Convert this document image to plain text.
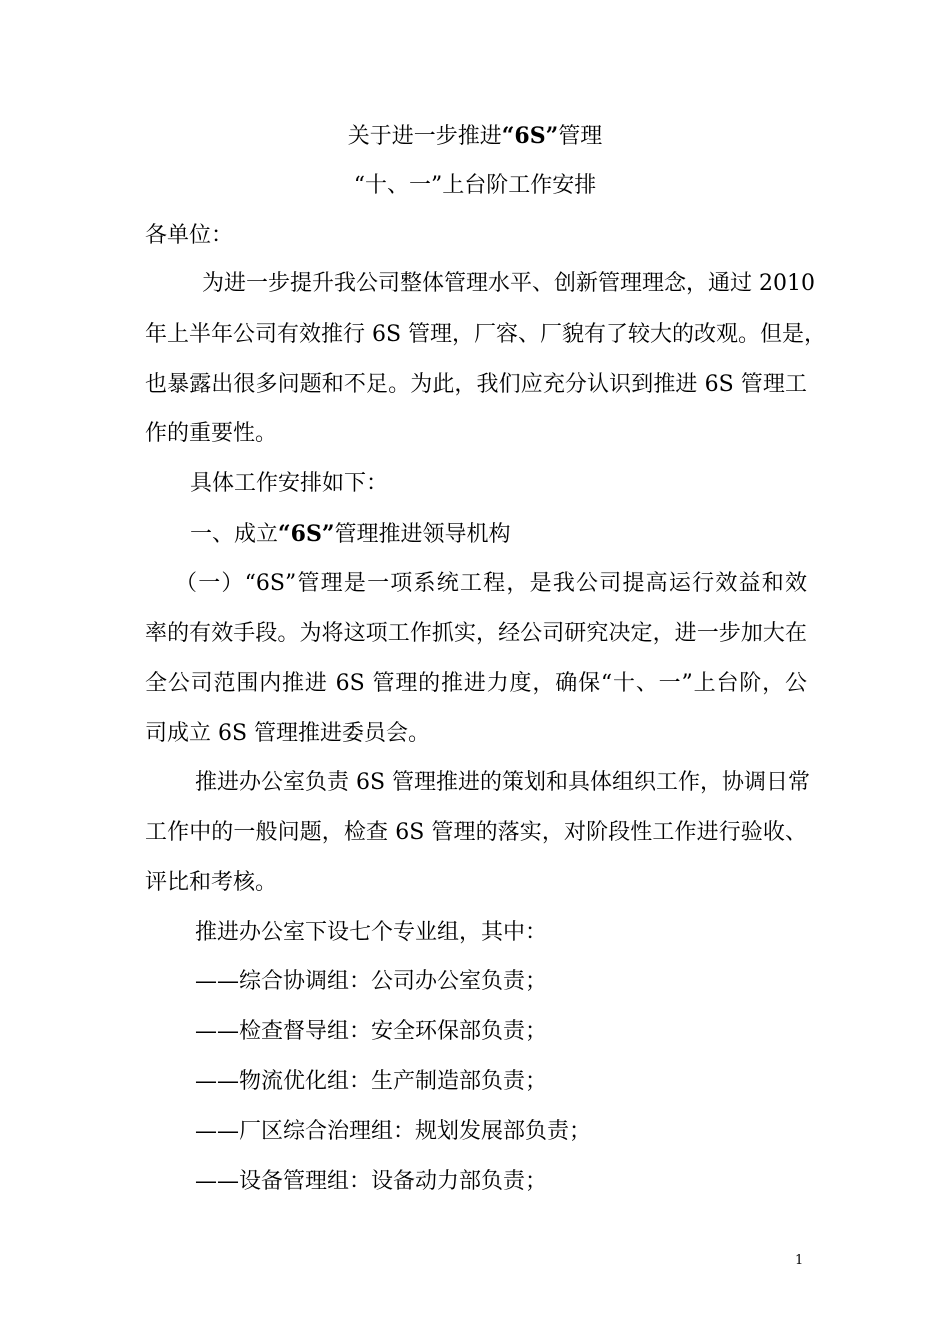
关于进一步推进“6S”管理
“十、一”上台阶工作安排
各单位：
为进一步提升我公司整体管理水平、创新管理理念，通过 2010
年上半年公司有效推行 6S 管理，厂容、厂貌有了较大的改观。但是，
也暴露出很多问题和不足。为此，我们应充分认识到推进 6S 管理工
作的重要性。
具体工作安排如下：
一、成立“6S”管理推进领导机构
（一）“6S”管理是一项系统工程，是我公司提高运行效益和效
率的有效手段。为将这项工作抓实，经公司研究决定，进一步加大在
全公司范围内推进 6S 管理的推进力度，确保“十、一”上台阶，公
司成立 6S 管理推进委员会。
推进办公室负责 6S 管理推进的策划和具体组织工作，协调日常
工作中的一般问题，检查 6S 管理的落实，对阶段性工作进行验收、
评比和考核。
推进办公室下设七个专业组，其中：
——综合协调组：公司办公室负责；
——检查督导组：安全环保部负责；
——物流优化组：生产制造部负责；
——厂区综合治理组：规划发展部负责；
——设备管理组：设备动力部负责；
1
